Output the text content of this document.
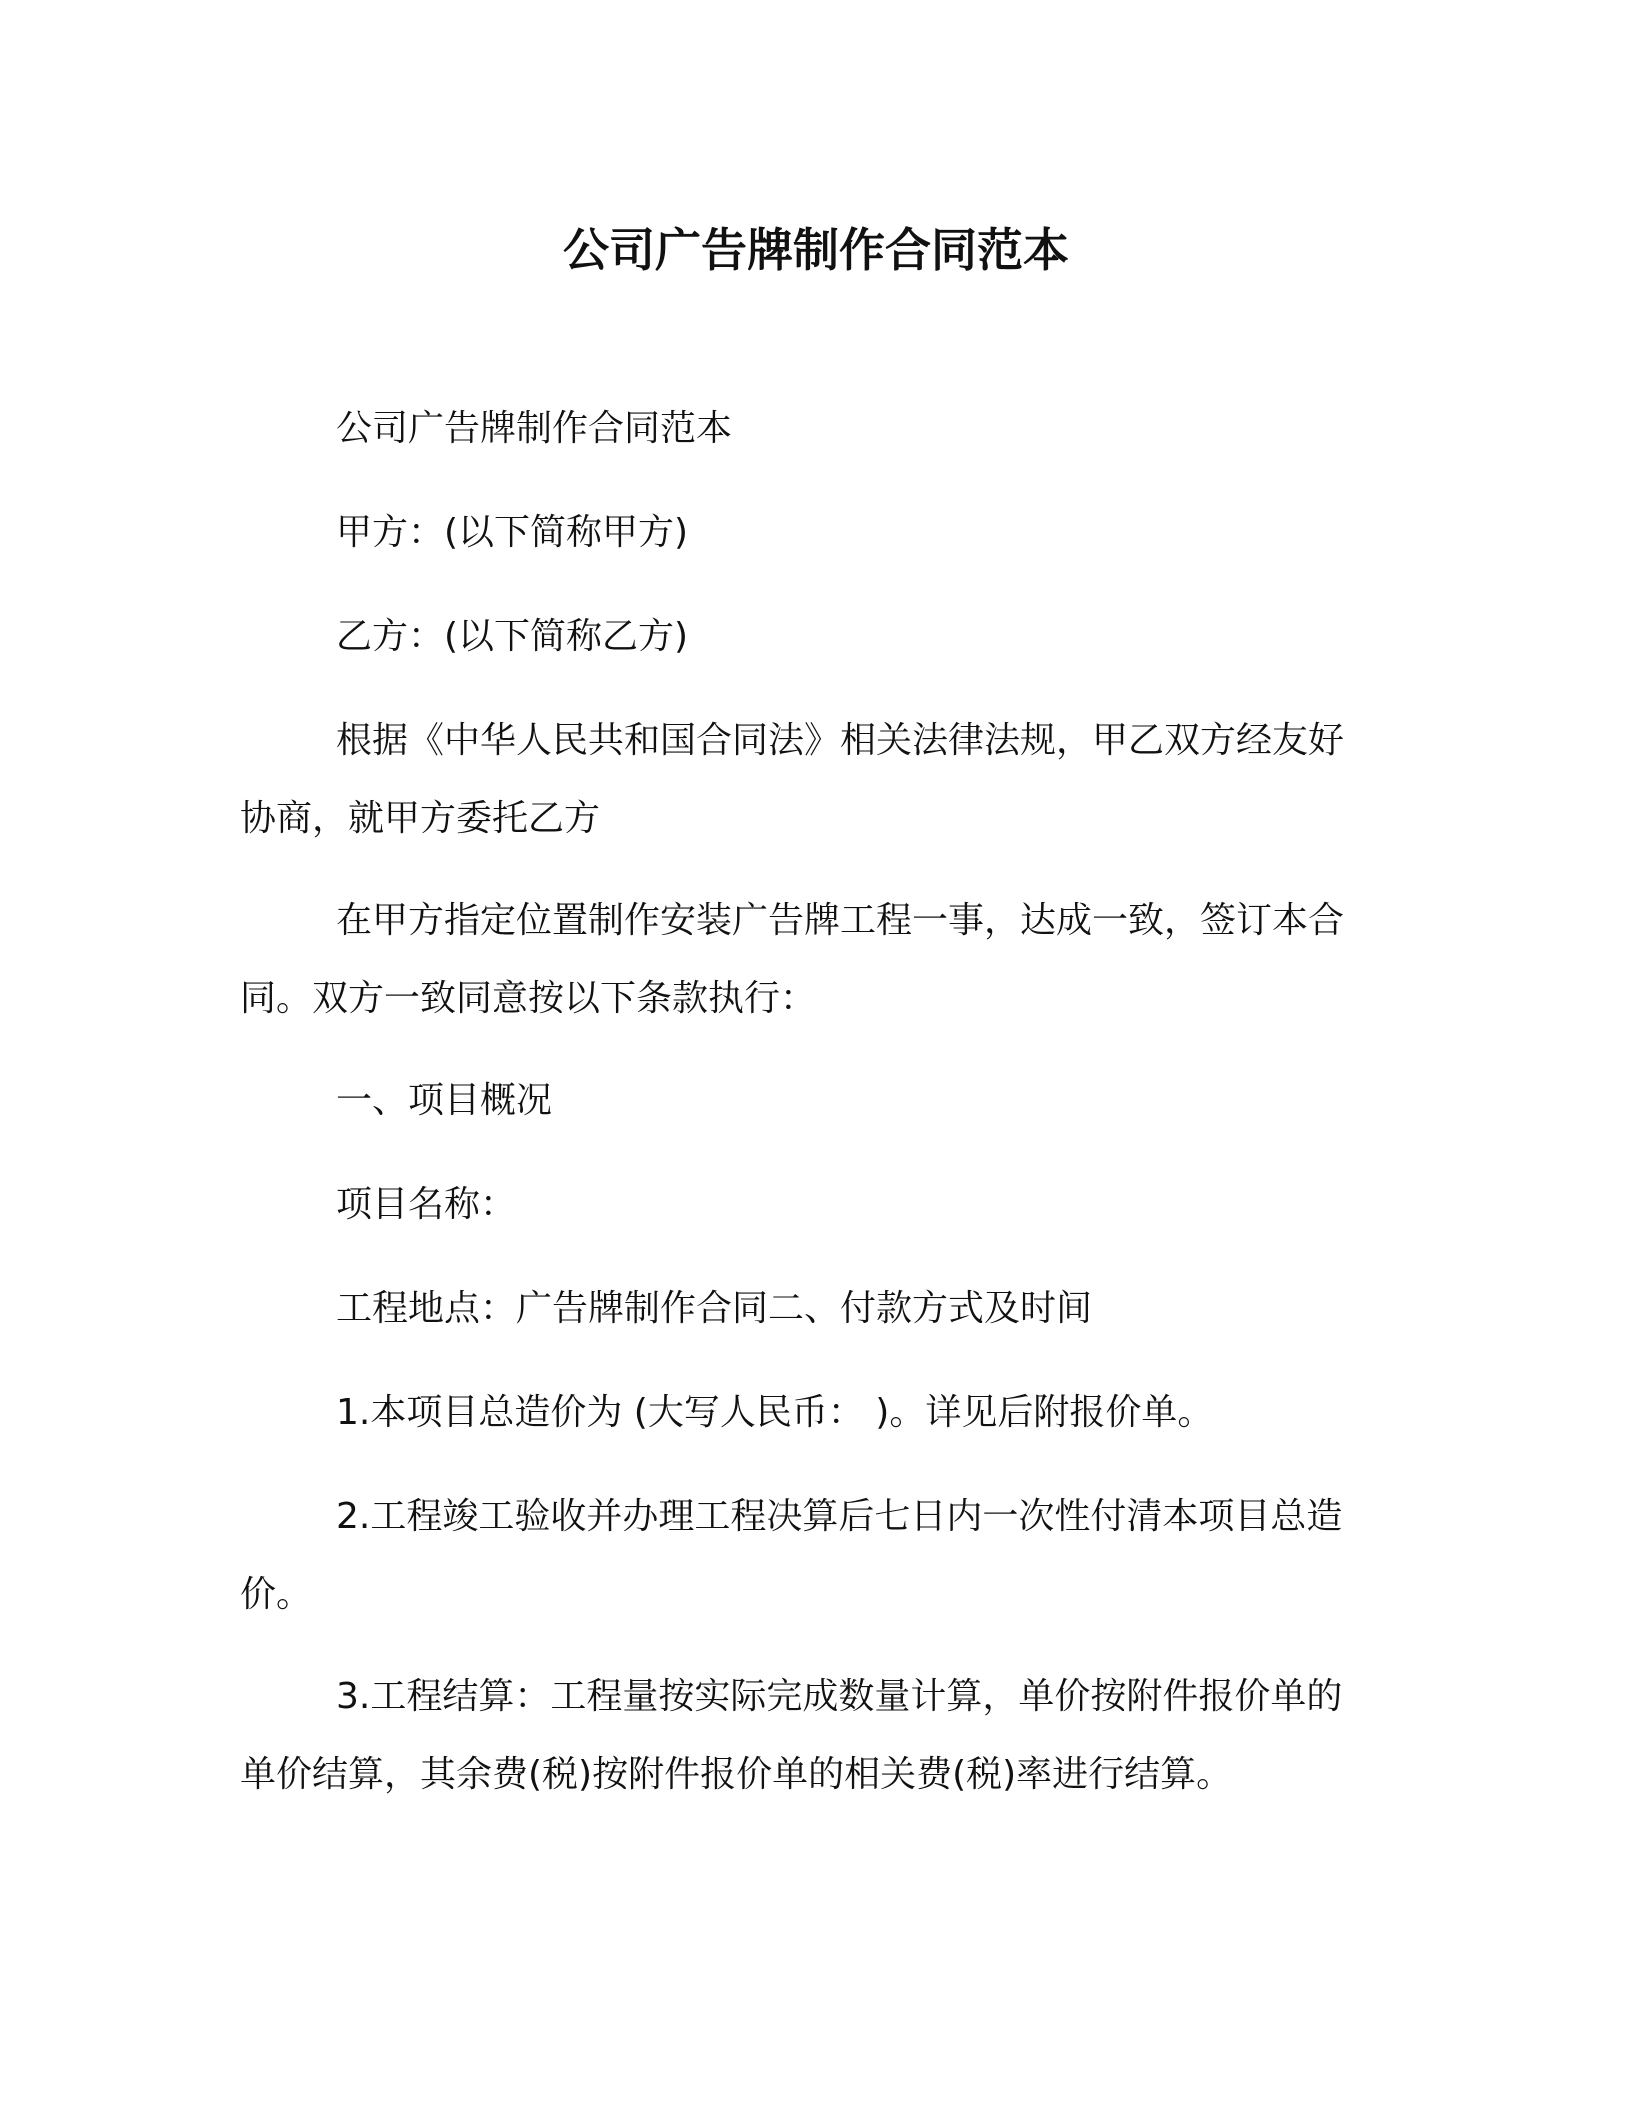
公司广告牌制作合同范本

公司广告牌制作合同范本

甲方：(以下简称甲方)

乙方：(以下简称乙方)

根据《中华人民共和国合同法》相关法律法规，甲乙双方经友好协商，就甲方委托乙方

在甲方指定位置制作安装广告牌工程一事，达成一致，签订本合同。双方一致同意按以下条款执行：

一、项目概况

项目名称：

工程地点：广告牌制作合同二、付款方式及时间

1.本项目总造价为 (大写人民币： )。详见后附报价单。

2.工程竣工验收并办理工程决算后七日内一次性付清本项目总造价。

3.工程结算：工程量按实际完成数量计算，单价按附件报价单的单价结算，其余费(税)按附件报价单的相关费(税)率进行结算。
